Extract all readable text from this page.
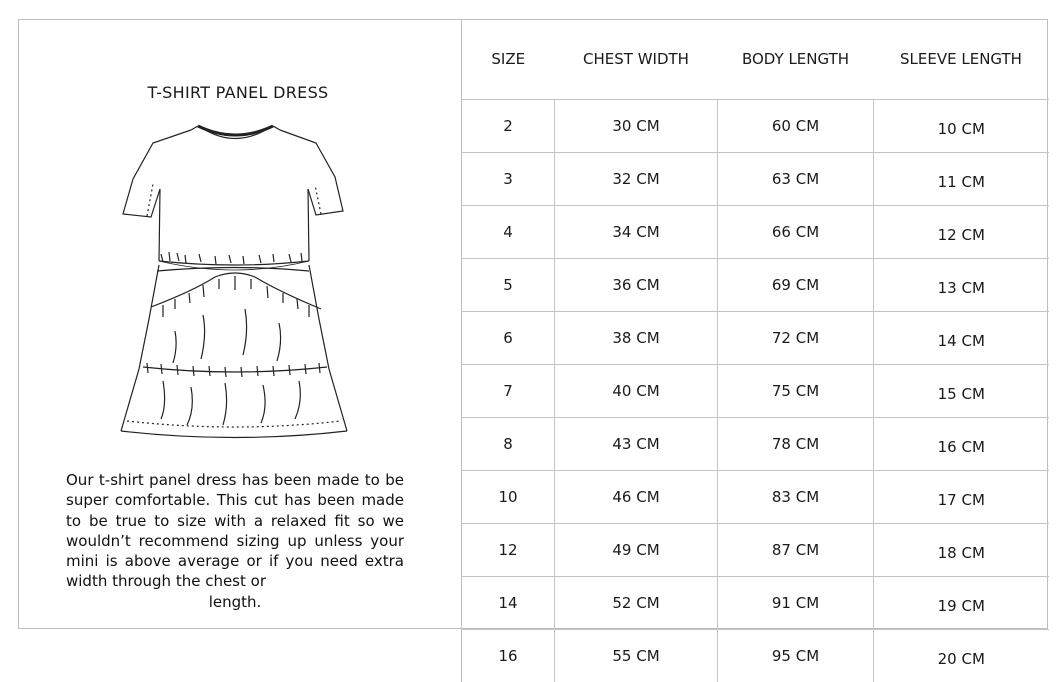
T-SHIRT PANEL DRESS
Our t-shirt panel dress has been made to be super comfortable. This cut has been made to be true to size with a relaxed fit so we wouldn’t recommend sizing up unless your mini is above average or if you need extra width through the chest or
length.
SIZE	CHEST WIDTH	BODY LENGTH	SLEEVE LENGTH
2	30 CM	60 CM	10 CM
3	32 CM	63 CM	11 CM
4	34 CM	66 CM	12 CM
5	36 CM	69 CM	13 CM
6	38 CM	72 CM	14 CM
7	40 CM	75 CM	15 CM
8	43 CM	78 CM	16 CM
10	46 CM	83 CM	17 CM
12	49 CM	87 CM	18 CM
14	52 CM	91 CM	19 CM
16	55 CM	95 CM	20 CM
